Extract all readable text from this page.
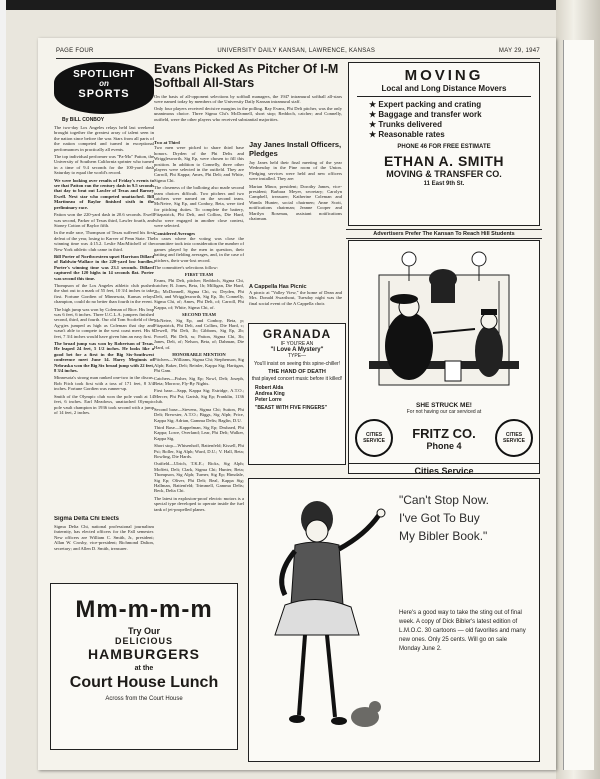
PAGE FOUR	UNIVERSITY DAILY KANSAN, LAWRENCE, KANSAS	MAY 29, 1947
SPOTLIGHT
on
SPORTS
By BILL CONBOY

The two-day Los Angeles relays held last weekend brought together the greatest array of talent seen in the nation since before the war. Stars from all parts of the nation competed and turned in exceptional performances in practically all events.

The top individual performer was "Pa-Mo" Patton, the University of Southern California sprinter who turned in a time of 9.4 seconds for the 100-yard dash Saturday to equal the world's record.

We were looking over results of Friday's events to see that Patton ran the century dash in 9.5 seconds that day to beat out Lawler of Texas and Barney Ewell. Next star who competed unattached. Bill Martineau of Baylor finished sixth in the preliminary race.

Patton won the 220-yard dash in 20.6 seconds. Ewell was second, Parker of Texas third, Lawler fourth, and Stoney Cotton of Baylor fifth.

In the mile race, Thompson of Texas suffered his first defeat of the year, losing to Karver of Penn State. The winning time was 4:15.2. Leslie MacMitchell of the New York athletic club came in third.

Bill Porter of Northwestern upset Harrison Dillard of Baldwin-Wallace in the 220-yard low hurdles. Porter's winning time was 23.1 seconds. Dillard captured the 120 highs in 14 seconds flat. Porter was second this time.

Thompson of the Los Angeles athletic club pushed the shot out to a mark of 55 feet, 10 3/4 inches to take first. Fortune Gordien of Minnesota, Kansas relays champion, could do no better than fourth in the event.

The high jump was won by Coleman of Rice. His leap was 6 feet, 6 inches. Three U.C.L.A. jumpers finished second, third, and fourth. Our old Tom Scofield of the Ag-gies jumped as high as Coleman that day and wasn't able to compete in the west coast meet. His 6 feet, 7 3/4 inches would have given him an easy first.

The broad jump was won by Robertson of Texas. He leaped 24 feet, 5 1/2 inches. He looks like a good bet for a first in the Big Six-Southwest conference meet June 14. Harry Meginnis of Nebraska won the Big Six broad jump with 22 feet, 8 3/4 inches.

Minnesota's strong man ranked one-two in the discus. Bob Fitch took first with a toss of 171 feet, 8 3/4 inches. Fortune Gordien was runner-up.

Smith of the Olympic club won the pole vault at 14 feet, 6 inches. Earl Meadows, unattached Olympic pole vault champion in 1936 took second with a jump of 14 feet, 2 inches.

Sigma Delta Chi Elects
Sigma Delta Chi, national professional journalism fraternity, has elected officers for the Fall semester. New officers are William C. Smith, Jr., president; Allan W. Crosby, vice-president; Richmond Dalton, secretary; and Allen D. Smith, treasurer.
Mm-m-m-m
Try Our
DELICIOUS
HAMBURGERS
at the
Court House Lunch
Across from the Court House
Evans Picked As Pitcher Of I-M Softball All-Stars

On the basis of all-opponent selections by softball managers, the 1947 intramural softball all-stars were named today by members of the University Daily Kansan intramural staff.

Only four players received decisive margins in the polling. Ray Evans, Phi Delt pitcher, was the only unanimous choice. Three Sigma Chi's McDonnell, short stop; Reddoch, catcher; and Connelly, outfield, were the other players who received substantial majorities.

Two at Third

Two men were picked to share third base honors. Dryden of the Phi Delts and Wrigglesworth, Sig Ep, were chosen to fill this position. In addition to Connelly, three other players were selected in the outfield. They are Carroll, Phi Kappa; Ames, Phi Delt; and White, Sigma Chi.

The closeness of the balloting also made second team choices difficult. Two pitchers and two catchers were named on the second team. McNeive, Sig Ep, and Conboy, Beta, were tied for pitching duties. To complete the battery, Fitzpatrick, Phi Delt, and Collins, Die Hard, who were engaged in another close contest, were selected.

Considered Averages

In cases where the voting was close the committee took into consideration the number of games played by the men in question, their batting and fielding averages, and, in the case of pitchers, their won-lost record.

The committee's selections follow:

FIRST TEAM

Evans, Phi Delt, pitcher; Reddoch, Sigma Chi, catcher; B. Jones, Beta, 1b; Milligan, Die Hard, 2b; McDonnell, Sigma Chi, ss; Dryden, Phi Delt, and Wrigglesworth, Sig Ep, 3b; Connelly, Sigma Chi, of; Ames, Phi Delt, of; Carroll, Phi Kappa, of; White, Sigma Chi, of.

SECOND TEAM

McNeive, Sig Ep, and Conboy, Beta, p; Fitzpatrick, Phi Delt, and Collins, Die Hard, c; Dewell, Phi Delt, 1b; Gibbons, Sig Ep, 2b; Powell, Phi Delt, ss; Patton, Sigma Chi, 3b; Janes, Delt, of; Nelson, Beta, of; Dahman, Die Hard, of.

HONORABLE MENTION

Pitchers—Williams, Sigma Chi; Stephenson, Sig Alph; Baker, Delt; Reinler, Kappa Sig; Hartigan, Phi Gam.

Catchers—Fisher, Sig Ep; Nowl, Delt; Joseph, Beta; Morrow, Fly-By Nights.

First base—Sapp, Kappa Sig; Estridge, A.T.O.; Mercer, Phi Psi; Garish, Sig Ep; Franklin, 1136 club.

Second base—Stevens, Sigma Chi; Sutton, Phi Delt; Brewster, A.T.O.; Biggs, Sig Alph; Price, Kappa Sig; Adrian, Gamma Delts; Baglin, D.U.

Third Base—Kappelman, Sig Ep; Drubaed, Phi Kappa; Lowe, Overland; Lear, Phi Delt; Walker, Kappa Sig.

Short stop—Whisenhoff, Battenfeld; Kissell, Phi Psi; Boller, Sig Alph; Ward, D.U.; V. Hall, Beta; Bowling, Die Hards.

Outfield—Ulrich, T.K.E.; Ricks, Sig Alph; Moffett, Delt; Clark, Sigma Chi; Hunter, Beta; Thompson, Sig Alph; Turner, Sig Ep; Hinsdale, Sig Ep; Oliver, Phi Delt; Beal, Kappa Sig; Hallman, Battenfeld; Trimmell, Gamma Delts; Beck, Delta Chi.

The latest in explosion-proof electric motors is a special type developed to operate inside the fuel tank of jet-propelled planes.

Jay Janes Install Officers, Pledges

Jay Janes held their final meeting of the year Wednesday in the Pine room of the Union. Pledging services were held and new officers were installed. They are:

Marian Minor, president; Dorothy James, vice-president; Barbara Meyer, secretary; Carolyn Campbell, treasurer; Katherine Coleman and Wanda Hunter, social chairmen; Anne Scott, notifications chairman; Jeanne Cooper and Marilyn Rosenau, assistant notifications chairman.

A Cappella Has Picnic
A picnic at "Valley View," the home of Dean and Mrs. Donald Swarthout, Tuesday night was the final social event of the A Cappella choir.
GRANADA
IF YOU'RE AN
"I Love A Mystery"
TYPE—
You'll insist on seeing this spine-chiller!
THE HAND OF DEATH
that played concert music before it killed!
Robert Alda
Andrea King
Peter Lorre
"BEAST WITH FIVE FINGERS"
MOVING
Local and Long Distance Movers
★ Expert packing and crating
★ Baggage and transfer work
★ Trunks delivered
★ Reasonable rates
PHONE 46 FOR FREE ESTIMATE
ETHAN A. SMITH
MOVING & TRANSFER CO.
11 East 9th St.
Advertisers Prefer The Kansan To Reach Hill Students
SHE STRUCK ME!
For not having our car serviced at
CITIES SERVICE
FRITZ CO.
Phone 4
CITIES SERVICE
Cities Service
"Can't Stop Now.
I've Got To Buy
My Bibler Book."
Here's a good way to take the sting out of final week. A copy of Dick Bibler's latest edition of L.M.O.C. 30 cartoons — old favorites and many new ones. Only 25 cents. Will go on sale Monday June 2.
